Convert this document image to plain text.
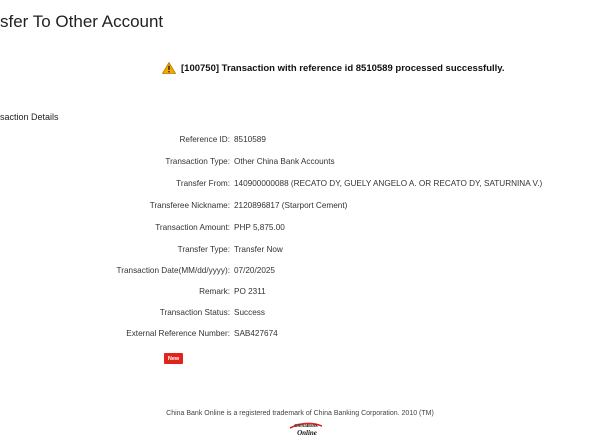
sfer To Other Account
[100750] Transaction with reference id 8510589 processed successfully.
saction Details
Reference ID: 8510589
Transaction Type: Other China Bank Accounts
Transfer From: 140900000088 (RECATO DY, GUELY ANGELO A. OR RECATO DY, SATURNINA V.)
Transferee Nickname: 2120896817 (Starport Cement)
Transaction Amount: PHP 5,875.00
Transfer Type: Transfer Now
Transaction Date(MM/dd/yyyy): 07/20/2025
Remark: PO 2311
Transaction Status: Success
External Reference Number: SAB427674
New
China Bank Online is a registered trademark of China Banking Corporation. 2010 (TM)
ChinaBank
Online
